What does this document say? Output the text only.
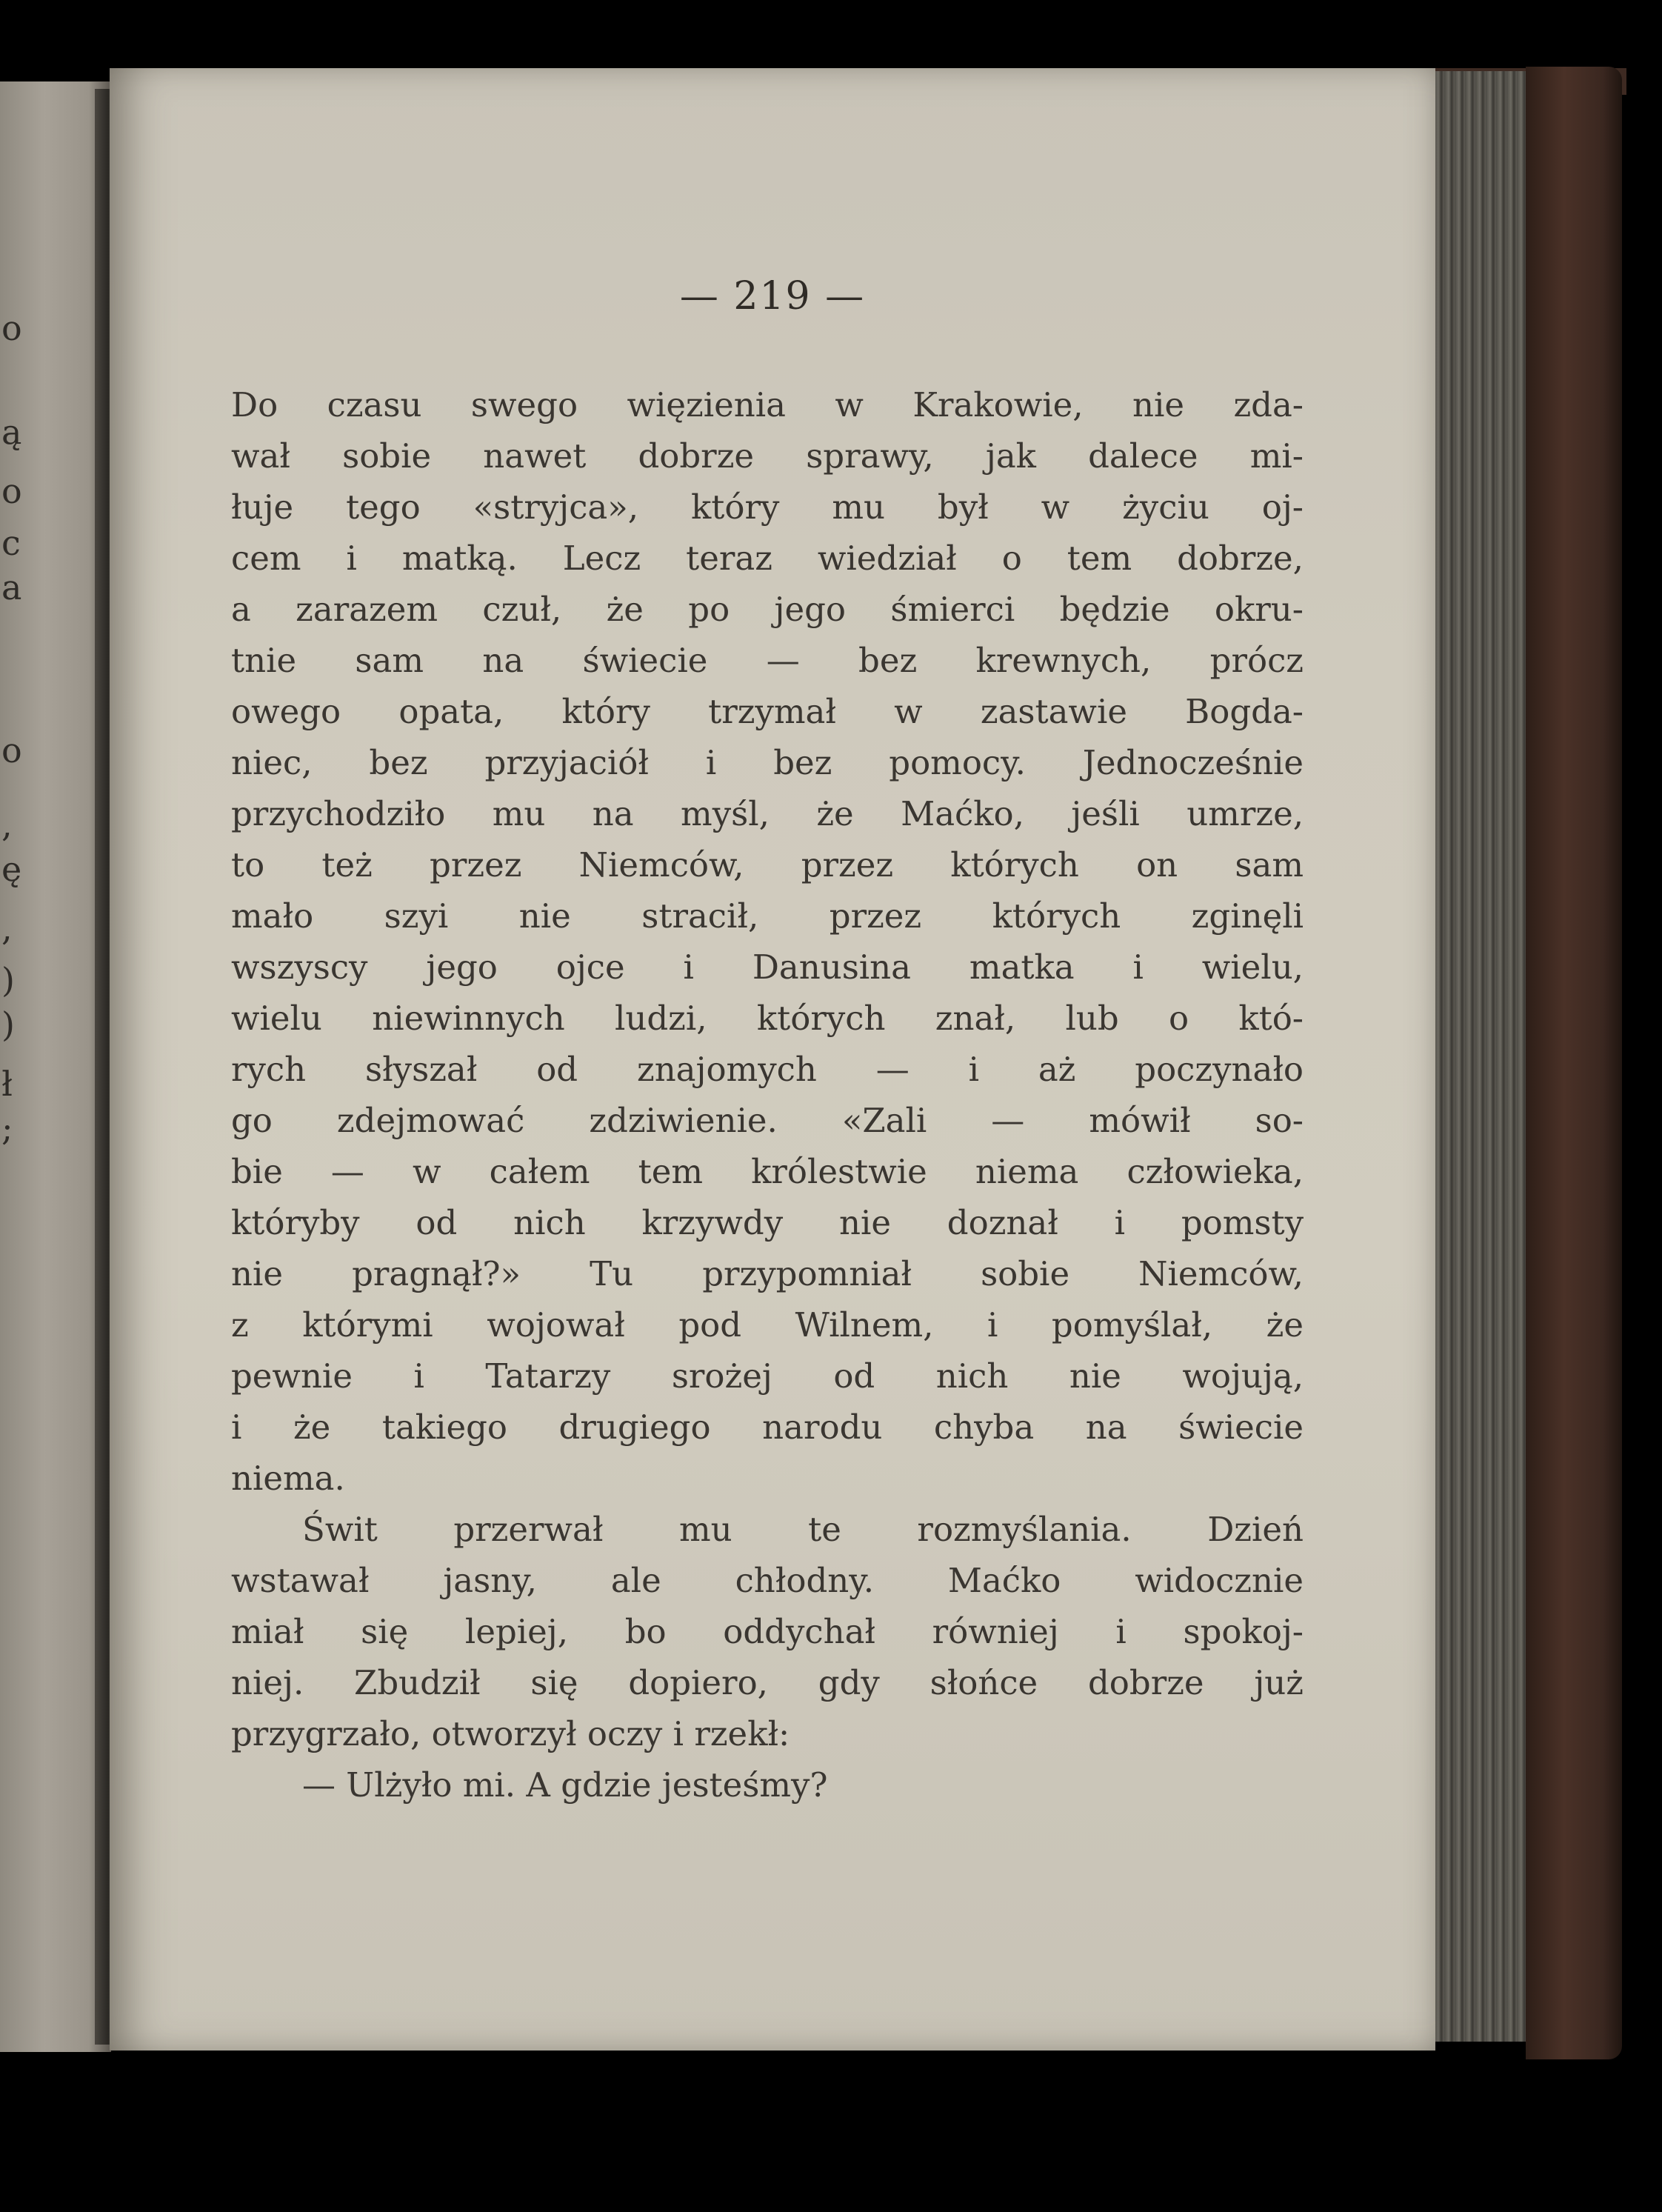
o
ą
o
c
a
o
,
ę
,
)
)
ł
;
— 219 —
Do czasu swego więzienia w Krakowie, nie zda-
wał sobie nawet dobrze sprawy, jak dalece mi-
łuje tego «stryjca», który mu był w życiu oj-
cem i matką. Lecz teraz wiedział o tem dobrze,
a zarazem czuł, że po jego śmierci będzie okru-
tnie sam na świecie — bez krewnych, prócz
owego opata, który trzymał w zastawie Bogda-
niec, bez przyjaciół i bez pomocy. Jednocześnie
przychodziło mu na myśl, że Maćko, jeśli umrze,
to też przez Niemców, przez których on sam
mało szyi nie stracił, przez których zginęli
wszyscy jego ojce i Danusina matka i wielu,
wielu niewinnych ludzi, których znał, lub o któ-
rych słyszał od znajomych — i aż poczynało
go zdejmować zdziwienie. «Zali — mówił so-
bie — w całem tem królestwie niema człowieka,
któryby od nich krzywdy nie doznał i pomsty
nie pragnął?» Tu przypomniał sobie Niemców,
z którymi wojował pod Wilnem, i pomyślał, że
pewnie i Tatarzy srożej od nich nie wojują,
i że takiego drugiego narodu chyba na świecie
niema.
Świt przerwał mu te rozmyślania. Dzień
wstawał jasny, ale chłodny. Maćko widocznie
miał się lepiej, bo oddychał równiej i spokoj-
niej. Zbudził się dopiero, gdy słońce dobrze już
przygrzało, otworzył oczy i rzekł:
— Ulżyło mi. A gdzie jesteśmy?
